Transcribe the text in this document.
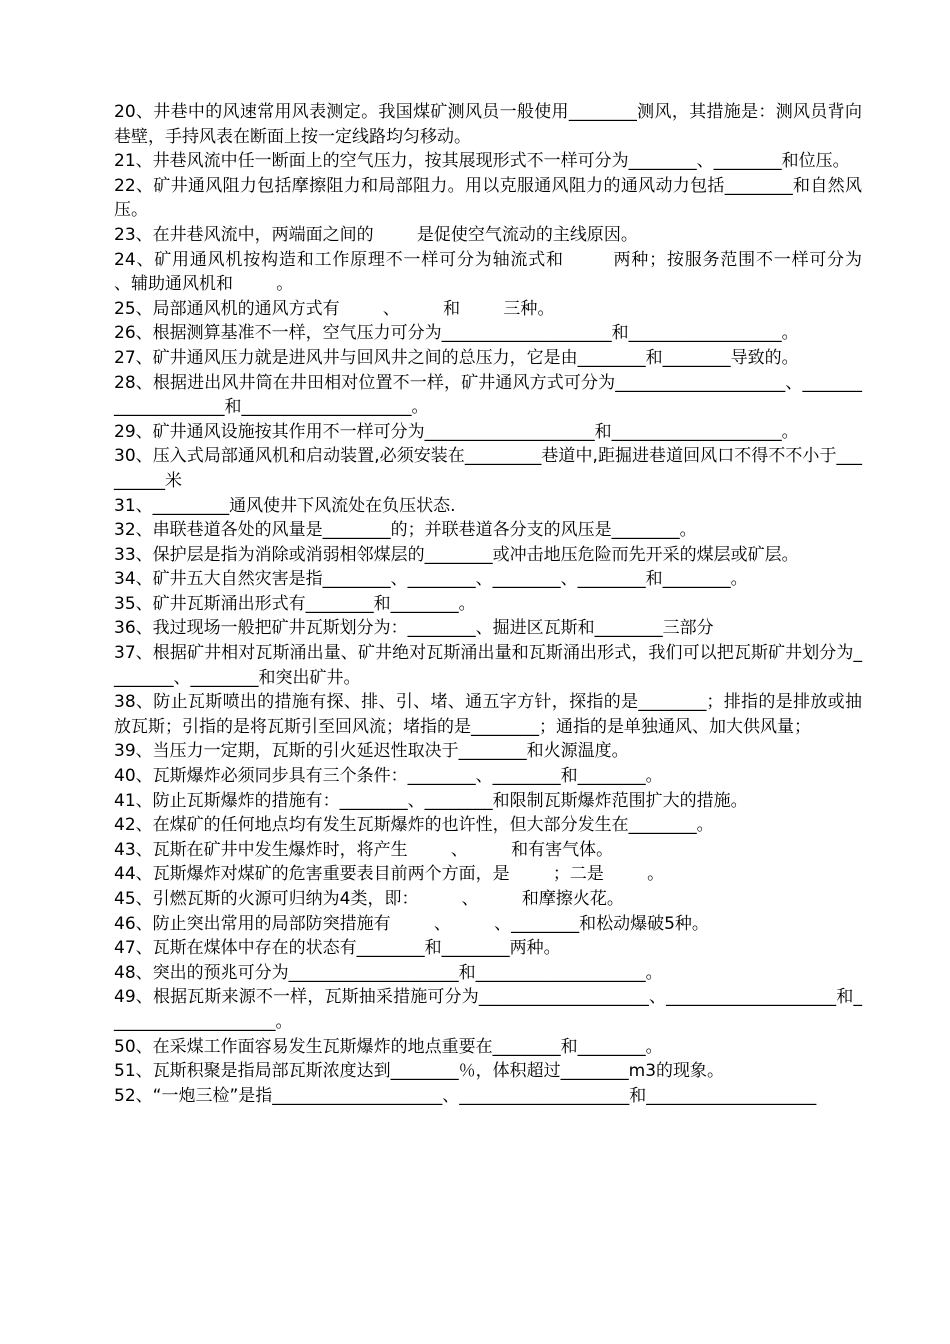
20、井巷中的风速常用风表测定。我国煤矿测风员一般使用________测风，其措施是：测风员背向巷壁，手持风表在断面上按一定线路均匀移动。

21、井巷风流中任一断面上的空气压力，按其展现形式不一样可分为________、________和位压。

22、矿井通风阻力包括摩擦阻力和局部阻力。用以克服通风阻力的通风动力包括________和自然风压。

23、在井巷风流中，两端面之间的        是促使空气流动的主线原因。

24、矿用通风机按构造和工作原理不一样可分为轴流式和        两种；按服务范围不一样可分为        、辅助通风机和        。

25、局部通风机的通风方式有        、        和        三种。

26、根据测算基准不一样，空气压力可分为____________________和__________________。

27、矿井通风压力就是进风井与回风井之间的总压力，它是由________和________导致的。

28、根据进出风井筒在井田相对位置不一样，矿井通风方式可分为____________________、____________________和____________________。

29、矿井通风设施按其作用不一样可分为____________________和____________________。

30、压入式局部通风机和启动装置,必须安装在_________巷道中,距掘进巷道回风口不得不不小于_________米

31、_________通风使井下风流处在负压状态.

32、串联巷道各处的风量是________的；并联巷道各分支的风压是________。

33、保护层是指为消除或消弱相邻煤层的________或冲击地压危险而先开采的煤层或矿层。

34、矿井五大自然灾害是指________、________、________、________和________。

35、矿井瓦斯涌出形式有________和________。

36、我过现场一般把矿井瓦斯划分为：________、掘进区瓦斯和________三部分

37、根据矿井相对瓦斯涌出量、矿井绝对瓦斯涌出量和瓦斯涌出形式，我们可以把瓦斯矿井划分为________、________和突出矿井。

38、防止瓦斯喷出的措施有探、排、引、堵、通五字方针，探指的是________；排指的是排放或抽放瓦斯；引指的是将瓦斯引至回风流；堵指的是________；通指的是单独通风、加大供风量；

39、当压力一定期，瓦斯的引火延迟性取决于________和火源温度。

40、瓦斯爆炸必须同步具有三个条件：________、________和________。

41、防止瓦斯爆炸的措施有：________、________和限制瓦斯爆炸范围扩大的措施。

42、在煤矿的任何地点均有发生瓦斯爆炸的也许性，但大部分发生在________。

43、瓦斯在矿井中发生爆炸时，将产生        、        和有害气体。

44、瓦斯爆炸对煤矿的危害重要表目前两个方面，是        ；二是        。

45、引燃瓦斯的火源可归纳为4类，即：        、        和摩擦火花。

46、防止突出常用的局部防突措施有        、        、________和松动爆破5种。

47、瓦斯在煤体中存在的状态有________和________两种。

48、突出的预兆可分为____________________和____________________。

49、根据瓦斯来源不一样，瓦斯抽采措施可分为____________________、____________________和____________________。

50、在采煤工作面容易发生瓦斯爆炸的地点重要在________和________。

51、瓦斯积聚是指局部瓦斯浓度达到________％，体积超过________m3的现象。

52、“一炮三检”是指____________________、____________________和____________________
